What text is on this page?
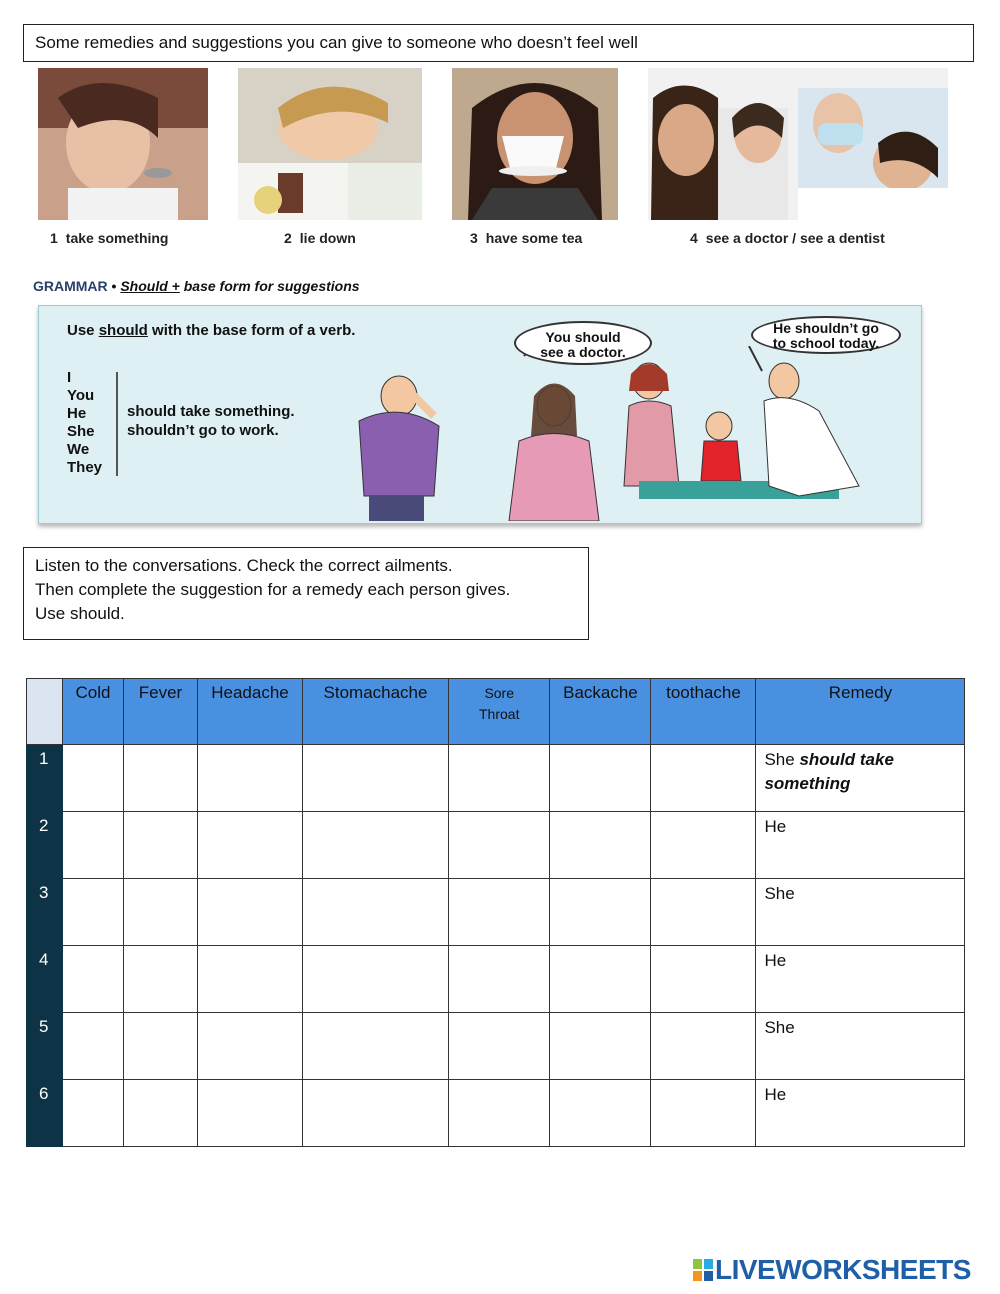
Some remedies and suggestions you can give to someone who doesn’t feel well
1 take something	2 lie down	3 have some tea	4 see a doctor / see a dentist
GRAMMAR • Should + base form for suggestions
Use should with the base form of a verb.
I
You
He
She
We
They
should take something.
shouldn’t go to work.
You should
see a doctor.
He shouldn’t go
to school today.
Listen to the conversations. Check the correct ailments.
Then complete the suggestion for a remedy each person gives.
Use should.
	Cold	Fever	Headache	Stomachache	Sore Throat	Backache	toothache	Remedy
1								She should take something
2								He
3								She
4								He
5								She
6								He
LIVEWORKSHEETS
